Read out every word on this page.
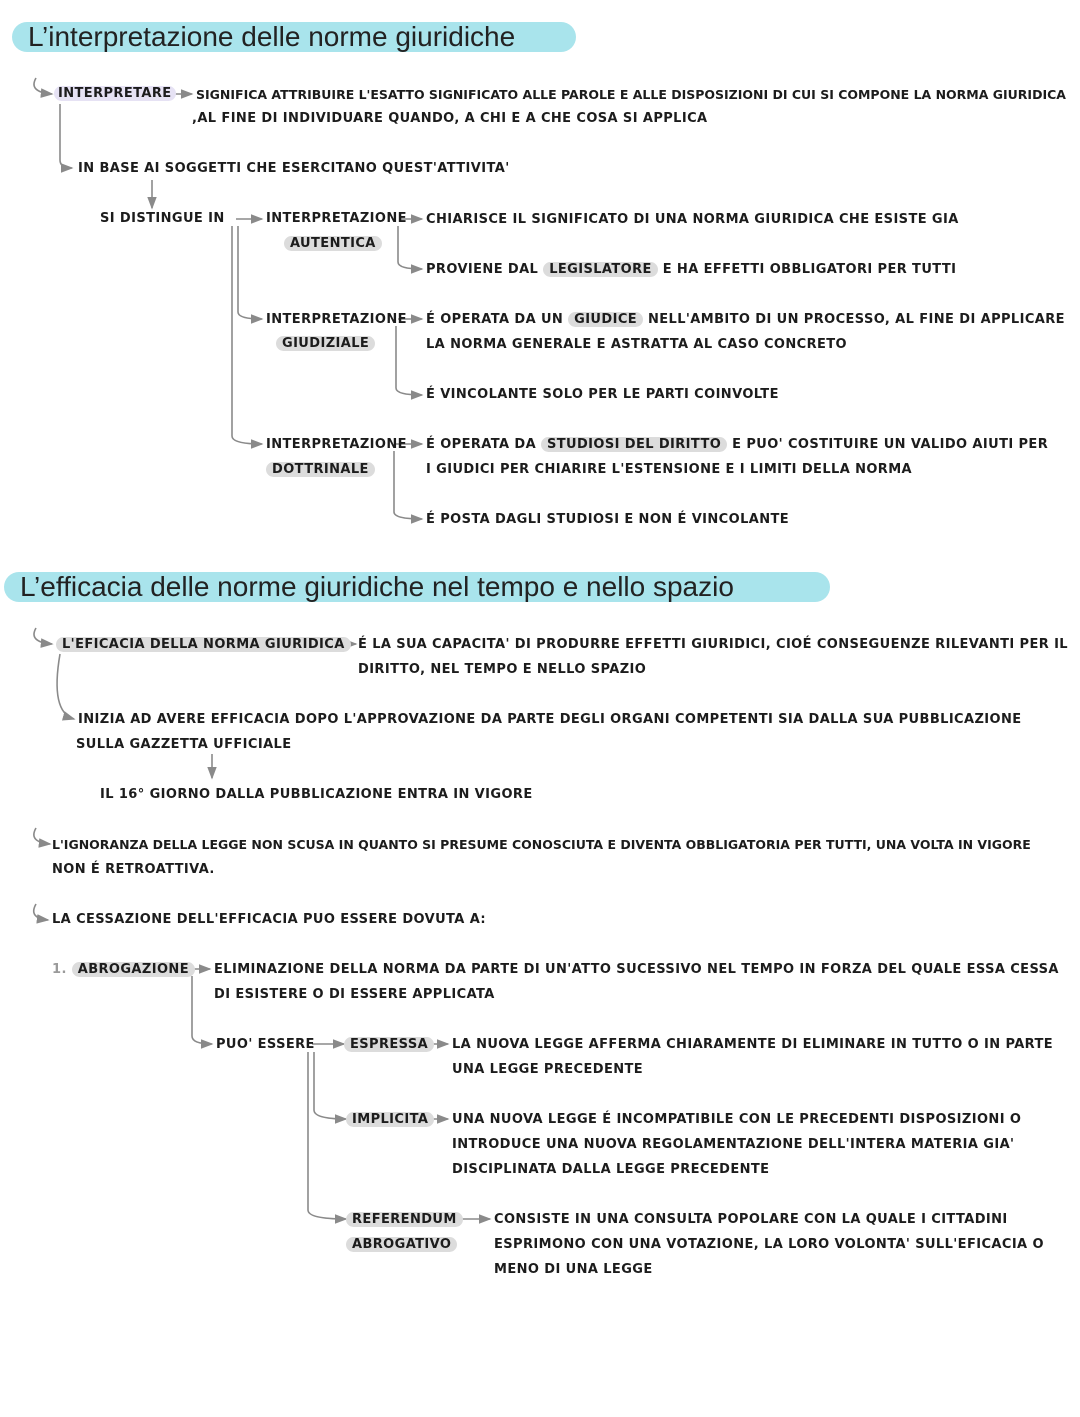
L’interpretazione delle norme giuridiche
INTERPRETARE	SIGNIFICA ATTRIBUIRE L'ESATTO SIGNIFICATO ALLE PAROLE E ALLE DISPOSIZIONI DI CUI SI COMPONE LA NORMA GIURIDICA
,AL FINE DI INDIVIDUARE QUANDO, A CHI E A CHE COSA SI APPLICA
IN BASE AI SOGGETTI CHE ESERCITANO QUEST'ATTIVITA'
SI DISTINGUE IN	INTERPRETAZIONE
AUTENTICA
CHIARISCE IL SIGNIFICATO DI UNA NORMA GIURIDICA CHE ESISTE GIA
PROVIENE DAL LEGISLATORE E HA EFFETTI OBBLIGATORI PER TUTTI
INTERPRETAZIONE
GIUDIZIALE
É OPERATA DA UN GIUDICE NELL'AMBITO DI UN PROCESSO, AL FINE DI APPLICARE
LA NORMA GENERALE E ASTRATTA AL CASO CONCRETO
É VINCOLANTE SOLO PER LE PARTI COINVOLTE
INTERPRETAZIONE
DOTTRINALE
É OPERATA DA STUDIOSI DEL DIRITTO E PUO' COSTITUIRE UN VALIDO AIUTI PER
I GIUDICI PER CHIARIRE L'ESTENSIONE E I LIMITI DELLA NORMA
É POSTA DAGLI STUDIOSI E NON É VINCOLANTE
L’efficacia delle norme giuridiche nel tempo e nello spazio
L'EFICACIA DELLA NORMA GIURIDICA	É LA SUA CAPACITA' DI PRODURRE EFFETTI GIURIDICI, CIOÉ CONSEGUENZE RILEVANTI PER IL
DIRITTO, NEL TEMPO E NELLO SPAZIO
INIZIA AD AVERE EFFICACIA DOPO L'APPROVAZIONE DA PARTE DEGLI ORGANI COMPETENTI SIA DALLA SUA PUBBLICAZIONE
SULLA GAZZETTA UFFICIALE
IL 16° GIORNO DALLA PUBBLICAZIONE ENTRA IN VIGORE
L'IGNORANZA DELLA LEGGE NON SCUSA IN QUANTO SI PRESUME CONOSCIUTA E DIVENTA OBBLIGATORIA PER TUTTI, UNA VOLTA IN VIGORE
NON É RETROATTIVA.
LA CESSAZIONE DELL'EFFICACIA PUO ESSERE DOVUTA A:
1. ABROGAZIONE	ELIMINAZIONE DELLA NORMA DA PARTE DI UN'ATTO SUCESSIVO NEL TEMPO IN FORZA DEL QUALE ESSA CESSA
DI ESISTERE O DI ESSERE APPLICATA
PUO' ESSERE	ESPRESSA	LA NUOVA LEGGE AFFERMA CHIARAMENTE DI ELIMINARE IN TUTTO O IN PARTE
UNA LEGGE PRECEDENTE
IMPLICITA	UNA NUOVA LEGGE É INCOMPATIBILE CON LE PRECEDENTI DISPOSIZIONI O
INTRODUCE UNA NUOVA REGOLAMENTAZIONE DELL'INTERA MATERIA GIA'
DISCIPLINATA DALLA LEGGE PRECEDENTE
REFERENDUM
ABROGATIVO
CONSISTE IN UNA CONSULTA POPOLARE CON LA QUALE I CITTADINI
ESPRIMONO CON UNA VOTAZIONE, LA LORO VOLONTA' SULL'EFICACIA O
MENO DI UNA LEGGE
